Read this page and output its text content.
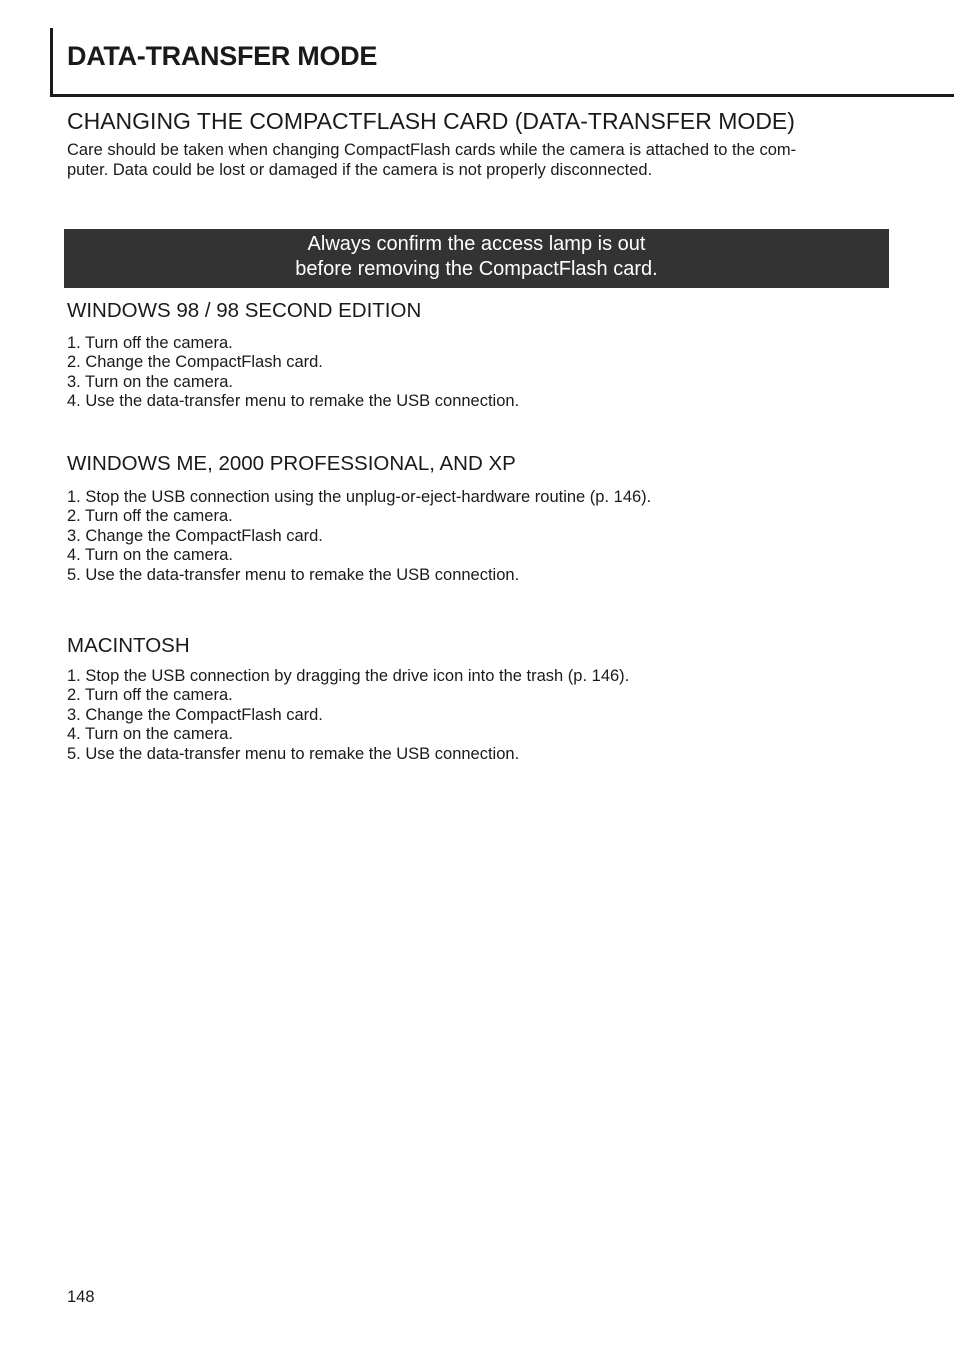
DATA-TRANSFER MODE
CHANGING THE COMPACTFLASH CARD (DATA-TRANSFER MODE)

Care should be taken when changing CompactFlash cards while the camera is attached to the com-
puter. Data could be lost or damaged if the camera is not properly disconnected.

Always confirm the access lamp is out
before removing the CompactFlash card.
WINDOWS 98 / 98 SECOND EDITION
1. Turn off the camera.
2. Change the CompactFlash card.
3. Turn on the camera.
4. Use the data-transfer menu to remake the USB connection.
WINDOWS ME, 2000 PROFESSIONAL, AND XP
1. Stop the USB connection using the unplug-or-eject-hardware routine (p. 146).
2. Turn off the camera.
3. Change the CompactFlash card.
4. Turn on the camera.
5. Use the data-transfer menu to remake the USB connection.
MACINTOSH
1. Stop the USB connection by dragging the drive icon into the trash (p. 146).
2. Turn off the camera.
3. Change the CompactFlash card.
4. Turn on the camera.
5. Use the data-transfer menu to remake the USB connection.
148
